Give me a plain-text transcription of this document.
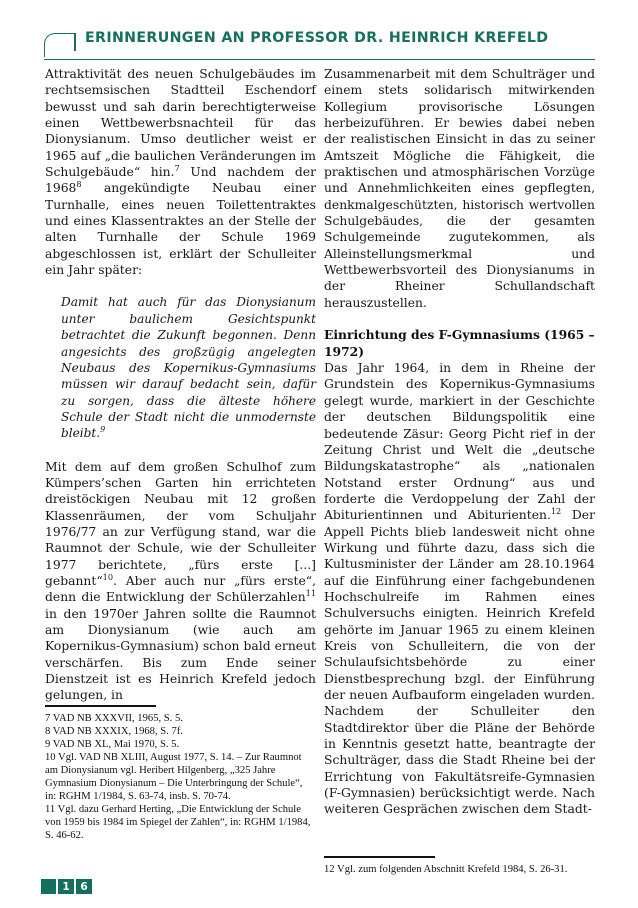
ERINNERUNGEN AN PROFESSOR DR. HEINRICH KREFELD

Attraktivität des neuen Schulgebäudes im rechtsemsischen Stadtteil Eschendorf bewusst und sah darin berechtigterweise einen Wettbewerbsnachteil für das Dionysianum. Umso deutlicher weist er 1965 auf „die baulichen Veränderungen im Schulgebäude“ hin.$^7$ Und nachdem der 1968$^8$ angekündigte Neubau einer Turnhalle, eines neuen Toilettentraktes und eines Klassentraktes an der Stelle der alten Turnhalle der Schule 1969 abgeschlossen ist, erklärt der Schulleiter ein Jahr später:

Damit hat auch für das Dionysianum unter baulichem Gesichtspunkt betrachtet die Zukunft begonnen. Denn angesichts des großzügig angelegten Neubaus des Kopernikus-Gymnasiums müssen wir darauf bedacht sein, dafür zu sorgen, dass die älteste höhere Schule der Stadt nicht die unmodernste bleibt.$^9$

Mit dem auf dem großen Schulhof zum Kümpers’schen Garten hin errichteten dreistöckigen Neubau mit 12 großen Klassenräumen, der vom Schuljahr 1976/77 an zur Verfügung stand, war die Raumnot der Schule, wie der Schulleiter 1977 berichtete, „fürs erste [...] gebannt“$^{10}$. Aber auch nur „fürs erste“, denn die Entwicklung der Schülerzahlen$^{11}$ in den 1970er Jahren sollte die Raumnot am Dionysianum (wie auch am Kopernikus-Gymnasium) schon bald erneut verschärfen. Bis zum Ende seiner Dienstzeit ist es Heinrich Krefeld jedoch gelungen, in

Zusammenarbeit mit dem Schulträger und einem stets solidarisch mitwirkenden Kollegium provisorische Lösungen herbeizuführen. Er bewies dabei neben der realistischen Einsicht in das zu seiner Amtszeit Mögliche die Fähigkeit, die praktischen und atmosphärischen Vorzüge und Annehmlichkeiten eines gepflegten, denkmalgeschützten, historisch wertvollen Schulgebäudes, die der gesamten Schulgemeinde zugutekommen, als Alleinstellungsmerkmal und Wettbewerbsvorteil des Dionysianums in der Rheiner Schullandschaft herauszustellen.

Einrichtung des F-Gymnasiums (1965 – 1972)

Das Jahr 1964, in dem in Rheine der Grundstein des Kopernikus-Gymnasiums gelegt wurde, markiert in der Geschichte der deutschen Bildungspolitik eine bedeutende Zäsur: Georg Picht rief in der Zeitung Christ und Welt die „deutsche Bildungskatastrophe“ als „nationalen Notstand erster Ordnung“ aus und forderte die Verdoppelung der Zahl der Abiturientinnen und Abiturienten.$^{12}$ Der Appell Pichts blieb landesweit nicht ohne Wirkung und führte dazu, dass sich die Kultusminister der Länder am 28.10.1964 auf die Einführung einer fachgebundenen Hochschulreife im Rahmen eines Schulversuchs einigten. Heinrich Krefeld gehörte im Januar 1965 zu einem kleinen Kreis von Schulleitern, die von der Schulaufsichtsbehörde zu einer Dienstbesprechung bzgl. der Einführung der neuen Aufbauform eingeladen wurden. Nachdem der Schulleiter den Stadtdirektor über die Pläne der Behörde in Kenntnis gesetzt hatte, beantragte der Schulträger, dass die Stadt Rheine bei der Errichtung von Fakultätsreife-Gymnasien (F-Gymnasien) berücksichtigt werde. Nach weiteren Gesprächen zwischen dem Stadt-

7 VAD NB XXXVII, 1965, S. 5.

8 VAD NB XXXIX, 1968, S. 7f.

9 VAD NB XL, Mai 1970, S. 5.

10 Vgl. VAD NB XLIII, August 1977, S. 14. – Zur Raumnot am Dionysianum vgl. Heribert Hilgenberg, „325 Jahre Gymnasium Dionysianum – Die Unterbringung der Schule“, in: RGHM 1/1984, S. 63-74, insb. S. 70-74.

11 Vgl. dazu Gerhard Herting, „Die Entwicklung der Schule von 1959 bis 1984 im Spiegel der Zahlen“, in: RGHM 1/1984, S. 46-62.

12 Vgl. zum folgenden Abschnitt Krefeld 1984, S. 26-31.

1	6
